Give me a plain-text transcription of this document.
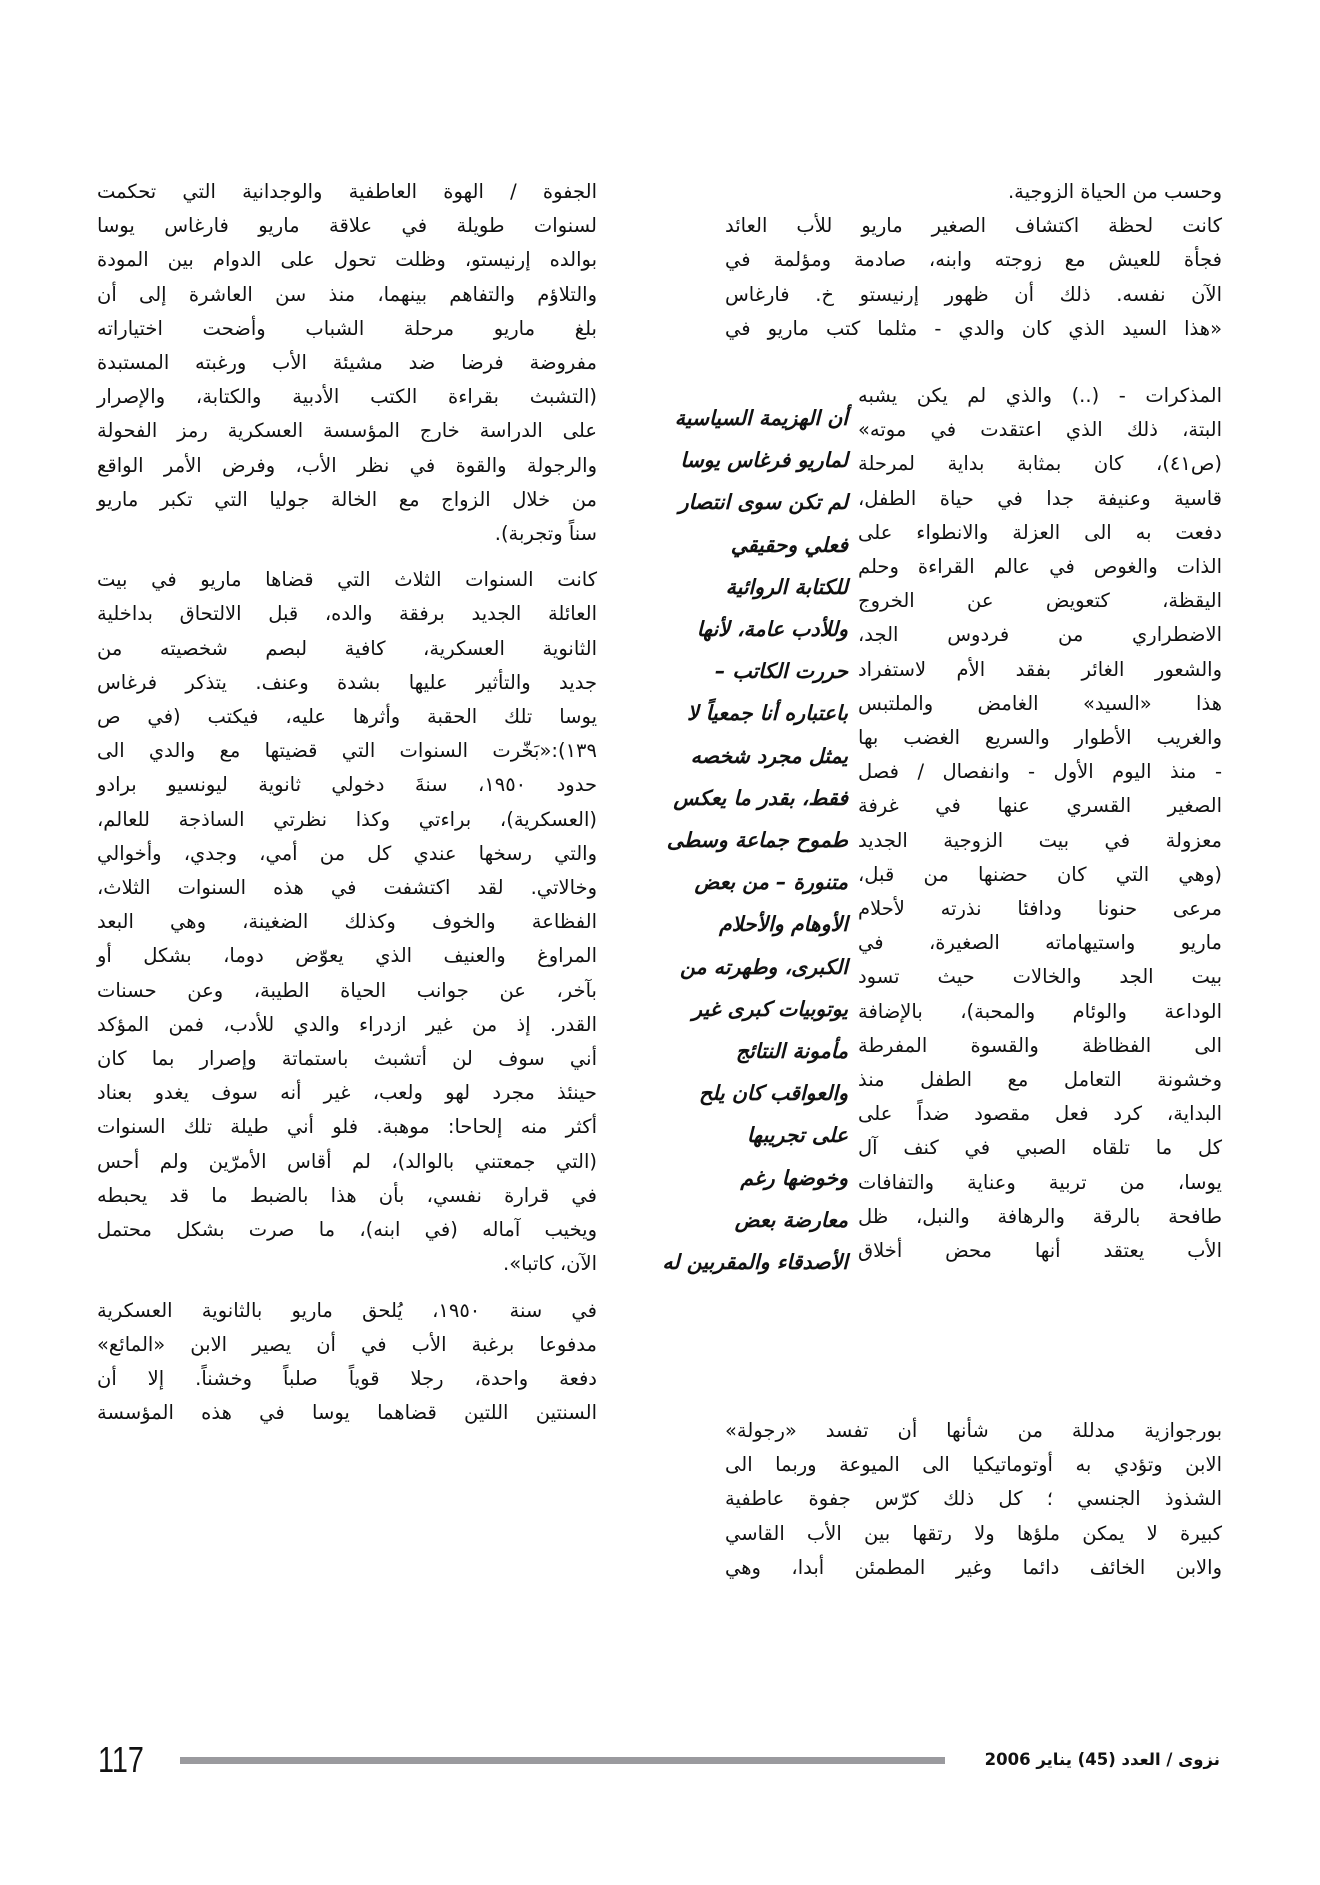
وحسب من الحياة الزوجية.
كانت لحظة اكتشاف الصغير ماريو للأب العائد
فجأة للعيش مع زوجته وابنه، صادمة ومؤلمة في
الآن نفسه. ذلك أن ظهور إرنيستو خ. فارغاس
«هذا السيد الذي كان والدي - مثلما كتب ماريو في
المذكرات - (..) والذي لم يكن يشبه
البتة، ذلك الذي اعتقدت في موته»
(ص٤١)، كان بمثابة بداية لمرحلة
قاسية وعنيفة جدا في حياة الطفل،
دفعت به الى العزلة والانطواء على
الذات والغوص في عالم القراءة وحلم
اليقظة، كتعويض عن الخروج
الاضطراري من فردوس الجد،
والشعور الغائر بفقد الأم لاستفراد
هذا «السيد» الغامض والملتبس
والغريب الأطوار والسريع الغضب بها
- منذ اليوم الأول - وانفصال / فصل
الصغير القسري عنها في غرفة
معزولة في بيت الزوجية الجديد
(وهي التي كان حضنها من قبل،
مرعى حنونا ودافئا نذرته لأحلام
ماريو واستيهاماته الصغيرة، في
بيت الجد والخالات حيث تسود
الوداعة والوئام والمحبة)، بالإضافة
الى الفظاظة والقسوة المفرطة
وخشونة التعامل مع الطفل منذ
البداية، كرد فعل مقصود ضداً على
كل ما تلقاه الصبي في كنف آل
يوسا، من تربية وعناية والتفافات
طافحة بالرقة والرهافة والنبل، ظل
الأب يعتقد أنها محض أخلاق
بورجوازية مدللة من شأنها أن تفسد «رجولة»
الابن وتؤدي به أوتوماتيكيا الى الميوعة وربما الى
الشذوذ الجنسي ؛ كل ذلك كرّس جفوة عاطفية
كبيرة لا يمكن ملؤها ولا رتقها بين الأب القاسي
والابن الخائف دائما وغير المطمئن أبدا، وهي
أن الهزيمة السياسية
لماريو فرغاس يوسا
لم تكن سوى انتصار
فعلي وحقيقي
للكتابة الروائية
وللأدب عامة، لأنها
حررت الكاتب –
باعتباره أنا جمعياً لا
يمثل مجرد شخصه
فقط، بقدر ما يعكس
طموح جماعة وسطى
متنورة – من بعض
الأوهام والأحلام
الكبرى، وطهرته من
يوتوبيات كبرى غير
مأمونة النتائج
والعواقب كان يلح
على تجريبها
وخوضها رغم
معارضة بعض
الأصدقاء والمقربين له

الجفوة / الهوة العاطفية والوجدانية التي تحكمت
لسنوات طويلة في علاقة ماريو فارغاس يوسا
بوالده إرنيستو، وظلت تحول على الدوام بين المودة
والتلاؤم والتفاهم بينهما، منذ سن العاشرة إلى أن
بلغ ماريو مرحلة الشباب وأضحت اختياراته
مفروضة فرضا ضد مشيئة الأب ورغبته المستبدة
(التشبث بقراءة الكتب الأدبية والكتابة، والإصرار
على الدراسة خارج المؤسسة العسكرية رمز الفحولة
والرجولة والقوة في نظر الأب، وفرض الأمر الواقع
من خلال الزواج مع الخالة جوليا التي تكبر ماريو
سناً وتجربة).

كانت السنوات الثلاث التي قضاها ماريو في بيت
العائلة الجديد برفقة والده، قبل الالتحاق بداخلية
الثانوية العسكرية، كافية لبصم شخصيته من
جديد والتأثير عليها بشدة وعنف. يتذكر فرغاس
يوسا تلك الحقبة وأثرها عليه، فيكتب (في ص
١٣٩):«بَخّرت السنوات التي قضيتها مع والدي الى
حدود ١٩٥٠، سنةَ دخولي ثانوية ليونسيو برادو
(العسكرية)، براءتي وكذا نظرتي الساذجة للعالم،
والتي رسخها عندي كل من أمي، وجدي، وأخوالي
وخالاتي. لقد اكتشفت في هذه السنوات الثلاث،
الفظاعة والخوف وكذلك الضغينة، وهي البعد
المراوغ والعنيف الذي يعوّض دوما، بشكل أو
بآخر، عن جوانب الحياة الطيبة، وعن حسنات
القدر. إذ من غير ازدراء والدي للأدب، فمن المؤكد
أني سوف لن أتشبث باستماتة وإصرار بما كان
حينئذ مجرد لهو ولعب، غير أنه سوف يغدو بعناد
أكثر منه إلحاحا: موهبة. فلو أني طيلة تلك السنوات
(التي جمعتني بالوالد)، لم أقاس الأمرّين ولم أحس
في قرارة نفسي، بأن هذا بالضبط ما قد يحبطه
ويخيب آماله (في ابنه)، ما صرت بشكل محتمل
الآن، كاتبا».

في سنة ١٩٥٠، يُلحق ماريو بالثانوية العسكرية
مدفوعا برغبة الأب في أن يصير الابن «المائع»
دفعة واحدة، رجلا قوياً صلباً وخشناً. إلا أن
السنتين اللتين قضاهما يوسا في هذه المؤسسة

117	نزوى / العدد (45) يناير 2006
